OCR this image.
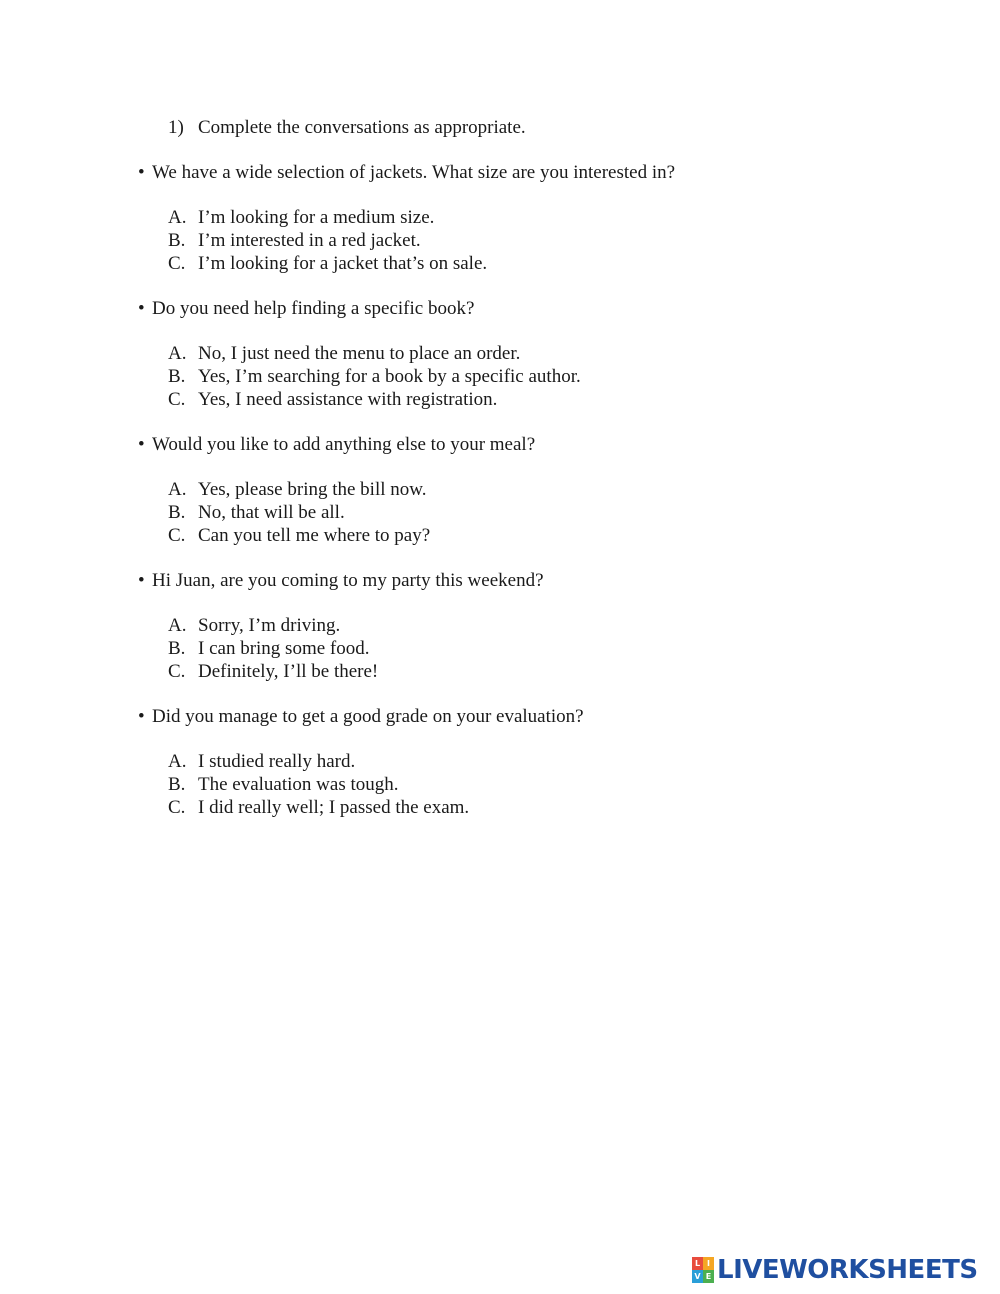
1) Complete the conversations as appropriate.
• We have a wide selection of jackets. What size are you interested in?
A. I’m looking for a medium size.
B. I’m interested in a red jacket.
C. I’m looking for a jacket that’s on sale.
• Do you need help finding a specific book?
A. No, I just need the menu to place an order.
B. Yes, I’m searching for a book by a specific author.
C. Yes, I need assistance with registration.
• Would you like to add anything else to your meal?
A. Yes, please bring the bill now.
B. No, that will be all.
C. Can you tell me where to pay?
• Hi Juan, are you coming to my party this weekend?
A. Sorry, I’m driving.
B. I can bring some food.
C. Definitely, I’ll be there!
• Did you manage to get a good grade on your evaluation?
A. I studied really hard.
B. The evaluation was tough.
C. I did really well; I passed the exam.
L I
V E LIVEWORKSHEETS
